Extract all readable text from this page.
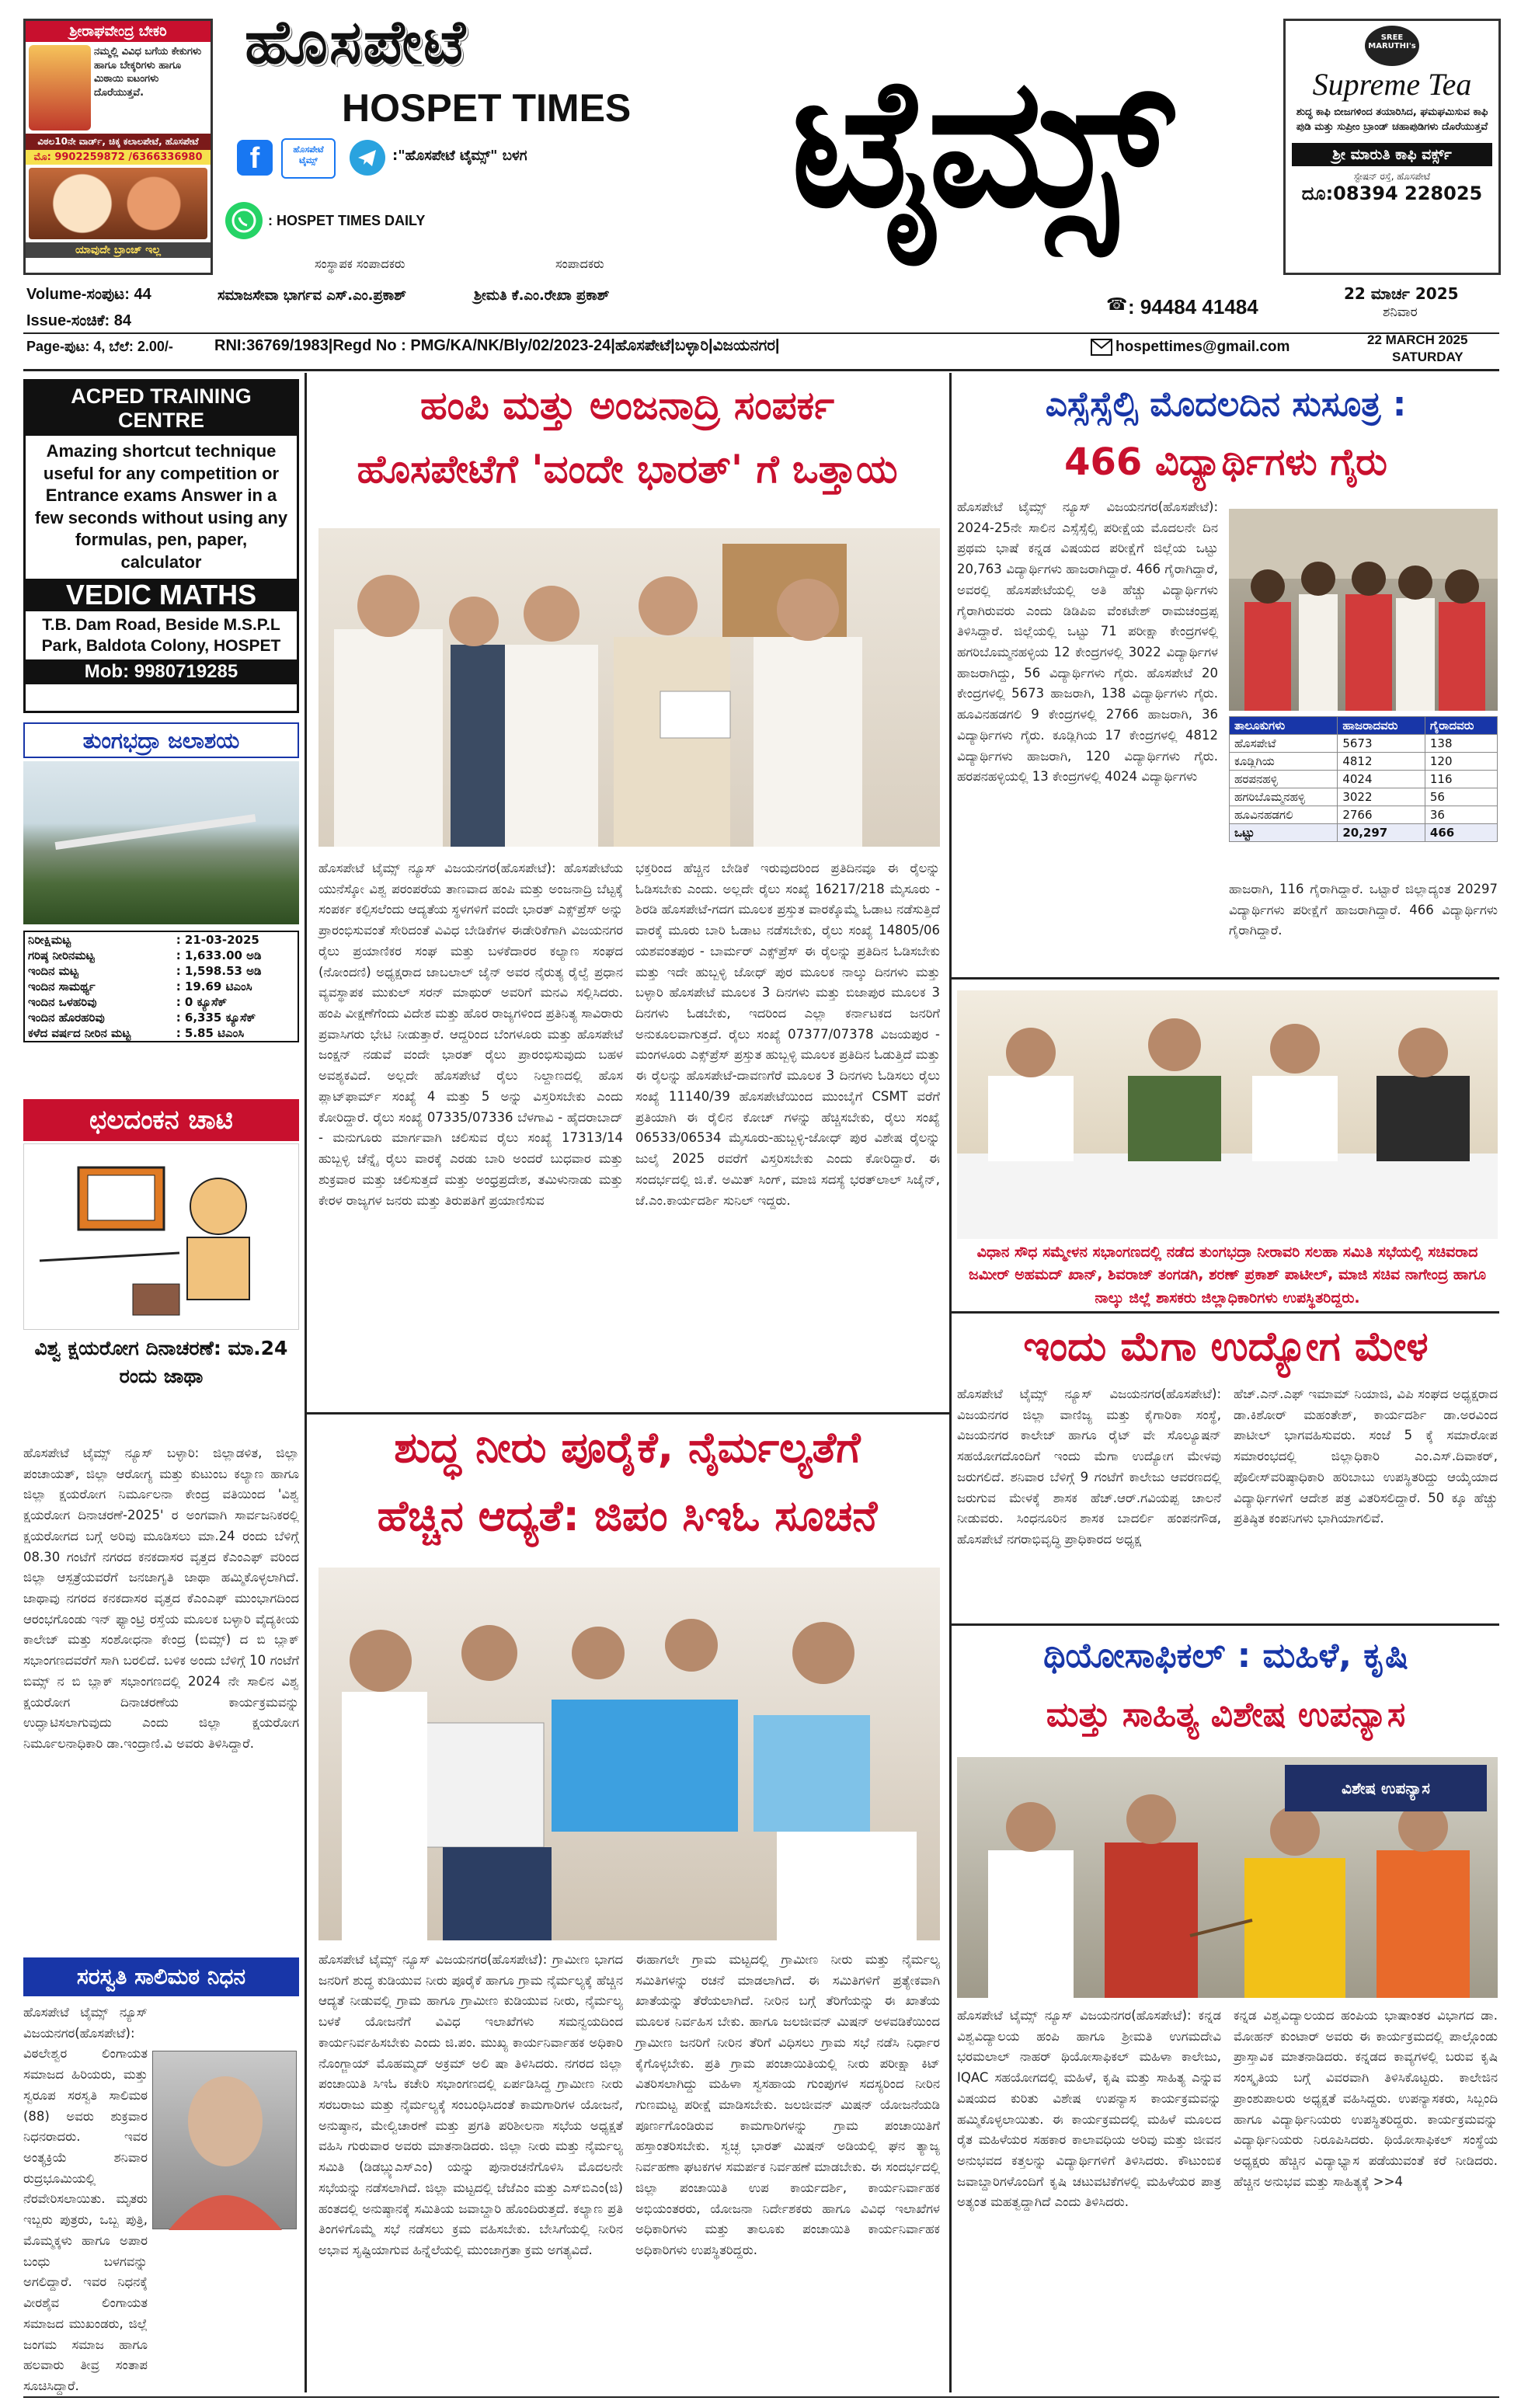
ಶ್ರೀರಾಘವೇಂದ್ರ ಬೇಕರಿ
ನಮ್ಮಲ್ಲಿ ವಿವಿಧ ಬಗೆಯ ಕೇಕುಗಳು ಹಾಗೂ ಬೇಕ್ಕರಿಗಳು ಹಾಗೂ ಮಿಠಾಯಿ ಐಟಂಗಳು ದೊರೆಯುತ್ತವೆ.
ವಿಠಲ10ನೇ ವಾರ್ಡ್, ಚಿಕ್ಕ ಕಲಾಲಪೇಟೆ, ಹೊಸಪೇಟೆ
ಮೊ: 9902259872 /6366336980
ಯಾವುದೇ ಬ್ರಾಂಚ್ ಇಲ್ಲ
ಹೊಸಪೇಟೆ
HOSPET TIMES
f	ಹೊಸಪೇಟೆ ಟೈಮ್ಸ್	:"ಹೊಸಪೇಟೆ ಟೈಮ್ಸ್" ಬಳಗ
: HOSPET TIMES DAILY
ಸಂಸ್ಥಾಪಕ ಸಂಪಾದಕರು	ಸಂಪಾದಕರು
ಟೈಮ್ಸ್
SREE MARUTHI's
Supreme Tea
ಶುದ್ಧ ಕಾಫಿ ಬೀಜಗಳಿಂದ ತಯಾರಿಸಿದ, ಘಮಘಮಿಸುವ ಕಾಫಿ ಪುಡಿ ಮತ್ತು ಸುಪ್ರೀಂ ಬ್ರಾಂಡ್ ಚಹಾಪುಡಿಗಳು ದೊರೆಯುತ್ತವೆ
ಶ್ರೀ ಮಾರುತಿ ಕಾಫಿ ವರ್ಕ್ಸ್
ಸ್ಟೇಷನ್ ರಸ್ತೆ, ಹೊಸಪೇಟೆ
ದೂ:08394 228025
Volume-ಸಂಪುಟ: 44	ಸಮಾಜಸೇವಾ ಭಾರ್ಗವ ಎಸ್.ಎಂ.ಪ್ರಕಾಶ್	ಶ್ರೀಮತಿ ಕೆ.ಎಂ.ರೇಖಾ ಪ್ರಕಾಶ್	☎ : 94484 41484
22 ಮಾರ್ಚ 2025
ಶನಿವಾರ
Issue-ಸಂಚಿಕೆ: 84
Page-ಪುಟ: 4, ಬೆಲೆ: 2.00/-	RNI:36769/1983|Regd No : PMG/KA/NK/Bly/02/2023-24|ಹೊಸಪೇಟೆ|ಬಳ್ಳಾರಿ|ವಿಜಯನಗರ|	hospettimes@gmail.com	22 MARCH 2025
SATURDAY
ACPED TRAINING CENTRE
Amazing shortcut technique useful for any competition or Entrance exams Answer in a few seconds without using any formulas, pen, paper, calculator
VEDIC MATHS
T.B. Dam Road, Beside M.S.P.L Park, Baldota Colony, HOSPET
Mob: 9980719285
ತುಂಗಭದ್ರಾ ಜಲಾಶಯ
ನಿರೀಕ್ಷಿಮಟ್ಟ	: 21-03-2025
ಗರಿಷ್ಠ ನೀರಿನಮಟ್ಟ	: 1,633.00 ಅಡಿ
ಇಂದಿನ ಮಟ್ಟ	: 1,598.53 ಅಡಿ
ಇಂದಿನ ಸಾಮರ್ಥ್ಯ	: 19.69 ಟಿಎಂಸಿ
ಇಂದಿನ ಒಳಹರಿವು	: 0 ಕ್ಯೂಸೆಕ್
ಇಂದಿನ ಹೊರಹರಿವು	: 6,335 ಕ್ಯೂಸೆಕ್
ಕಳೆದ ವರ್ಷದ ನೀರಿನ ಮಟ್ಟ	: 5.85 ಟಿಎಂಸಿ
ಛಲದಂಕನ ಚಾಟಿ
ವಿಶ್ವ ಕ್ಷಯರೋಗ ದಿನಾಚರಣೆ: ಮಾ.24 ರಂದು ಜಾಥಾ
ಹೊಸಪೇಟೆ ಟೈಮ್ಸ್ ನ್ಯೂಸ್ ಬಳ್ಳಾರಿ: ಜಿಲ್ಲಾಡಳಿತ, ಜಿಲ್ಲಾ ಪಂಚಾಯತ್, ಜಿಲ್ಲಾ ಆರೋಗ್ಯ ಮತ್ತು ಕುಟುಂಬ ಕಲ್ಯಾಣ ಹಾಗೂ ಜಿಲ್ಲಾ ಕ್ಷಯರೋಗ ನಿರ್ಮೂಲನಾ ಕೇಂದ್ರ ವತಿಯಿಂದ 'ವಿಶ್ವ ಕ್ಷಯರೋಗ ದಿನಾಚರಣೆ-2025' ರ ಅಂಗವಾಗಿ ಸಾರ್ವಜನಿಕರಲ್ಲಿ ಕ್ಷಯರೋಗದ ಬಗ್ಗೆ ಅರಿವು ಮೂಡಿಸಲು ಮಾ.24 ರಂದು ಬೆಳಿಗ್ಗೆ 08.30 ಗಂಟೆಗೆ ನಗರದ ಕನಕದಾಸರ ವೃತ್ತದ ಕೆಎಂಎಫ್ ವರಿಂದ ಜಿಲ್ಲಾ ಆಸ್ಪತ್ರೆಯವರೆಗೆ ಜನಜಾಗೃತಿ ಜಾಥಾ ಹಮ್ಮಿಕೊಳ್ಳಲಾಗಿದೆ. ಜಾಥಾವು ನಗರದ ಕನಕದಾಸರ ವೃತ್ತದ ಕೆಎಂಎಫ್ ಮುಂಭಾಗದಿಂದ ಆರಂಭಗೊಂಡು ಇನ್ ಫ್ಯಾಂಟ್ರಿ ರಸ್ತೆಯ ಮೂಲಕ ಬಳ್ಳಾರಿ ವೈದ್ಯಕೀಯ ಕಾಲೇಜ್ ಮತ್ತು ಸಂಶೋಧನಾ ಕೇಂದ್ರ (ಬಿಮ್ಸ್) ದ ಬಿ ಬ್ಲಾಕ್ ಸಭಾಂಗಣದವರೆಗೆ ಸಾಗಿ ಬರಲಿದೆ. ಬಳಿಕ ಅಂದು ಬೆಳಿಗ್ಗೆ 10 ಗಂಟೆಗೆ ಬಿಮ್ಸ್ ನ ಬಿ ಬ್ಲಾಕ್ ಸಭಾಂಗಣದಲ್ಲಿ 2024 ನೇ ಸಾಲಿನ ವಿಶ್ವ ಕ್ಷಯರೋಗ ದಿನಾಚರಣೆಯ ಕಾರ್ಯಕ್ರಮವನ್ನು ಉದ್ಘಾಟಿಸಲಾಗುವುದು ಎಂದು ಜಿಲ್ಲಾ ಕ್ಷಯರೋಗ ನಿರ್ಮೂಲನಾಧಿಕಾರಿ ಡಾ.ಇಂದ್ರಾಣಿ.ವಿ ಅವರು ತಿಳಿಸಿದ್ದಾರೆ.
ಸರಸ್ವತಿ ಸಾಲಿಮಠ ನಿಧನ
ಹೊಸಪೇಟೆ ಟೈಮ್ಸ್ ನ್ಯೂಸ್ ವಿಜಯನಗರ(ಹೊಸಪೇಟೆ): ವಿಠಲೇಶ್ವರ ಲಿಂಗಾಯತ ಸಮಾಜದ ಹಿರಿಯರು, ಮತ್ತು ಸ್ವರೂಪ ಸರಸ್ವತಿ ಸಾಲಿಮಠ (88) ಅವರು ಶುಕ್ರವಾರ ನಿಧನರಾದರು. ಇವರ ಅಂತ್ಯಕ್ರಿಯೆ ಶನಿವಾರ ರುದ್ರಭೂಮಿಯಲ್ಲಿ ನೆರವೇರಿಸಲಾಯಿತು. ಮೃತರು ಇಬ್ಬರು ಪುತ್ರರು, ಒಬ್ಬ ಪುತ್ರಿ, ಮೊಮ್ಮಕ್ಕಳು ಹಾಗೂ ಅಪಾರ ಬಂಧು ಬಳಗವನ್ನು ಅಗಲಿದ್ದಾರೆ. ಇವರ ನಿಧನಕ್ಕೆ ವೀರಶೈವ ಲಿಂಗಾಯತ ಸಮಾಜದ ಮುಖಂಡರು, ಜಿಲ್ಲೆ ಜಂಗಮ ಸಮಾಜ ಹಾಗೂ ಹಲವಾರು ತೀವ್ರ ಸಂತಾಪ ಸೂಚಿಸಿದ್ದಾರೆ.
ಹಂಪಿ ಮತ್ತು ಅಂಜನಾದ್ರಿ ಸಂಪರ್ಕ
ಹೊಸಪೇಟೆಗೆ 'ವಂದೇ ಭಾರತ್' ಗೆ ಒತ್ತಾಯ
ಹೊಸಪೇಟೆ ಟೈಮ್ಸ್ ನ್ಯೂಸ್ ವಿಜಯನಗರ(ಹೊಸಪೇಟೆ): ಹೊಸಪೇಟೆಯ ಯುನೆಸ್ಕೋ ವಿಶ್ವ ಪರಂಪರೆಯ ತಾಣವಾದ ಹಂಪಿ ಮತ್ತು ಅಂಜನಾದ್ರಿ ಬೆಟ್ಟಕ್ಕೆ ಸಂಪರ್ಕ ಕಲ್ಪಿಸಲೆಂದು ಆದ್ಯತೆಯ ಸ್ಥಳಗಳಿಗೆ ವಂದೇ ಭಾರತ್ ಎಕ್ಸ್‌ಪ್ರೆಸ್ ಅನ್ನು ಪ್ರಾರಂಭಿಸುವಂತೆ ಸೇರಿದಂತೆ ವಿವಿಧ ಬೇಡಿಕೆಗಳ ಈಡೇರಿಕೆಗಾಗಿ ವಿಜಯನಗರ ರೈಲು ಪ್ರಯಾಣಿಕರ ಸಂಘ ಮತ್ತು ಬಳಕೆದಾರರ ಕಲ್ಯಾಣ ಸಂಘದ (ನೋಂದಣಿ) ಅಧ್ಯಕ್ಷರಾದ ಜಾಬಲಾಲ್ ಜೈನ್ ಅವರ ನೈರುತ್ಯ ರೈಲ್ವೆ ಪ್ರಧಾನ ವ್ಯವಸ್ಥಾಪಕ ಮುಕುಲ್ ಸರನ್ ಮಾಥುರ್ ಅವರಿಗೆ ಮನವಿ ಸಲ್ಲಿಸಿದರು. ಹಂಪಿ ವೀಕ್ಷಣೆಗೆಂದು ವಿದೇಶ ಮತ್ತು ಹೊರ ರಾಜ್ಯಗಳಿಂದ ಪ್ರತಿನಿತ್ಯ ಸಾವಿರಾರು ಪ್ರವಾಸಿಗರು ಭೇಟಿ ನೀಡುತ್ತಾರೆ. ಆದ್ದರಿಂದ ಬೆಂಗಳೂರು ಮತ್ತು ಹೊಸಪೇಟೆ ಜಂಕ್ಷನ್ ನಡುವೆ ವಂದೇ ಭಾರತ್ ರೈಲು ಪ್ರಾರಂಭಿಸುವುದು ಬಹಳ ಅವಶ್ಯಕವಿದೆ. ಅಲ್ಲದೇ ಹೊಸಪೇಟೆ ರೈಲು ನಿಲ್ದಾಣದಲ್ಲಿ ಹೊಸ ಪ್ಲಾಟ್‌ಫಾರ್ಮ್ ಸಂಖ್ಯೆ 4 ಮತ್ತು 5 ಅನ್ನು ವಿಸ್ತರಿಸಬೇಕು ಎಂದು ಕೋರಿದ್ದಾರೆ. ರೈಲು ಸಂಖ್ಯೆ 07335/07336 ಬೆಳಗಾವಿ - ಹೈದರಾಬಾದ್ - ಮನುಗೂರು ಮಾರ್ಗವಾಗಿ ಚಲಿಸುವ ರೈಲು ಸಂಖ್ಯೆ 17313/14 ಹುಬ್ಬಳ್ಳಿ ಚೆನ್ನೈ ರೈಲು ವಾರಕ್ಕೆ ಎರಡು ಬಾರಿ ಅಂದರೆ ಬುಧವಾರ ಮತ್ತು ಶುಕ್ರವಾರ ಮತ್ತು ಚಲಿಸುತ್ತದೆ ಮತ್ತು ಅಂಧ್ರಪ್ರದೇಶ, ತಮಿಳುನಾಡು ಮತ್ತು ಕೇರಳ ರಾಜ್ಯಗಳ ಜನರು ಮತ್ತು ತಿರುಪತಿಗೆ ಪ್ರಯಾಣಿಸುವ
ಭಕ್ತರಿಂದ ಹೆಚ್ಚಿನ ಬೇಡಿಕೆ ಇರುವುದರಿಂದ ಪ್ರತಿದಿನವೂ ಈ ರೈಲನ್ನು ಓಡಿಸಬೇಕು ಎಂದು. ಅಲ್ಲದೇ ರೈಲು ಸಂಖ್ಯೆ 16217/218 ಮೈಸೂರು - ಶಿರಡಿ ಹೊಸಪೇಟೆ-ಗದಗ ಮೂಲಕ ಪ್ರಸ್ತುತ ವಾರಕ್ಕೊಮ್ಮೆ ಓಡಾಟ ನಡೆಸುತ್ತಿದೆ ವಾರಕ್ಕೆ ಮೂರು ಬಾರಿ ಓಡಾಟ ನಡೆಸಬೇಕು, ರೈಲು ಸಂಖ್ಯೆ 14805/06 ಯಶವಂತಪುರ - ಬಾರ್ಮರ್ ಎಕ್ಸ್‌ಪ್ರೆಸ್ ಈ ರೈಲನ್ನು ಪ್ರತಿದಿನ ಓಡಿಸಬೇಕು ಮತ್ತು ಇದೇ ಹುಬ್ಬಳ್ಳಿ ಜೋಧ್ ಪುರ ಮೂಲಕ ನಾಲ್ಕು ದಿನಗಳು ಮತ್ತು ಬಳ್ಳಾರಿ ಹೊಸಪೇಟೆ ಮೂಲಕ 3 ದಿನಗಳು ಮತ್ತು ಬಿಜಾಪುರ ಮೂಲಕ 3 ದಿನಗಳು ಓಡಬೇಕು, ಇದರಿಂದ ಎಲ್ಲಾ ಕರ್ನಾಟಕದ ಜನರಿಗೆ ಅನುಕೂಲವಾಗುತ್ತದೆ. ರೈಲು ಸಂಖ್ಯೆ 07377/07378 ವಿಜಯಪುರ - ಮಂಗಳೂರು ಎಕ್ಸ್‌ಪ್ರೆಸ್ ಪ್ರಸ್ತುತ ಹುಬ್ಬಳ್ಳಿ ಮೂಲಕ ಪ್ರತಿದಿನ ಓಡುತ್ತಿದೆ ಮತ್ತು ಈ ರೈಲನ್ನು ಹೊಸಪೇಟೆ-ದಾವಣಗೆರೆ ಮೂಲಕ 3 ದಿನಗಳು ಓಡಿಸಲು ರೈಲು ಸಂಖ್ಯೆ 11140/39 ಹೊಸಪೇಟೆಯಿಂದ ಮುಂಬೈಗೆ CSMT ವರೆಗೆ ಪ್ರತಿಯಾಗಿ ಈ ರೈಲಿನ ಕೋಚ್ ಗಳನ್ನು ಹೆಚ್ಚಿಸಬೇಕು, ರೈಲು ಸಂಖ್ಯೆ 06533/06534 ಮೈಸೂರು-ಹುಬ್ಬಳ್ಳಿ-ಜೋಧ್ ಪುರ ವಿಶೇಷ ರೈಲನ್ನು ಜುಲೈ 2025 ರವರೆಗೆ ವಿಸ್ತರಿಸಬೇಕು ಎಂದು ಕೋರಿದ್ದಾರೆ. ಈ ಸಂದರ್ಭದಲ್ಲಿ ಜಿ.ಕೆ. ಅಮಿತ್ ಸಿಂಗ್, ಮಾಜಿ ಸದಸ್ಯೆ ಭರತ್‌ಲಾಲ್ ಸಿಜೈನ್, ಜೆ.ಎಂ.ಕಾರ್ಯದರ್ಶಿ ಸುನಿಲ್ ಇದ್ದರು.
ಶುದ್ಧ ನೀರು ಪೂರೈಕೆ, ನೈರ್ಮಲ್ಯತೆಗೆ
ಹೆಚ್ಚಿನ ಆದ್ಯತೆ: ಜಿಪಂ ಸಿಇಓ ಸೂಚನೆ
ಹೊಸಪೇಟೆ ಟೈಮ್ಸ್ ನ್ಯೂಸ್ ವಿಜಯನಗರ(ಹೊಸಪೇಟೆ): ಗ್ರಾಮೀಣ ಭಾಗದ ಜನರಿಗೆ ಶುದ್ಧ ಕುಡಿಯುವ ನೀರು ಪೂರೈಕೆ ಹಾಗೂ ಗ್ರಾಮ ನೈರ್ಮಲ್ಯಕ್ಕೆ ಹೆಚ್ಚಿನ ಆದ್ಯತೆ ನೀಡುವಲ್ಲಿ ಗ್ರಾಮ ಹಾಗೂ ಗ್ರಾಮೀಣ ಕುಡಿಯುವ ನೀರು, ನೈರ್ಮಲ್ಯ ಬಳಕೆ ಯೋಜನೆಗೆ ವಿವಿಧ ಇಲಾಖೆಗಳು ಸಮನ್ವಯದಿಂದ ಕಾರ್ಯನಿರ್ವಹಿಸಬೇಕು ಎಂದು ಜಿ.ಪಂ. ಮುಖ್ಯ ಕಾರ್ಯನಿರ್ವಾಹಕ ಅಧಿಕಾರಿ ನೊಂಗ್ಜಾಯ್ ಮೊಹಮ್ಮದ್ ಅಕ್ರಮ್ ಅಲಿ ಷಾ ತಿಳಿಸಿದರು. ನಗರದ ಜಿಲ್ಲಾ ಪಂಚಾಯಿತಿ ಸಿಇಓ ಕಚೇರಿ ಸಭಾಂಗಣದಲ್ಲಿ ಏರ್ಪಡಿಸಿದ್ದ ಗ್ರಾಮೀಣ ನೀರು ಸರಬರಾಜು ಮತ್ತು ನೈರ್ಮಲ್ಯಕ್ಕೆ ಸಂಬಂಧಿಸಿದಂತೆ ಕಾಮಗಾರಿಗಳ ಯೋಜನೆ, ಅನುಷ್ಠಾನ, ಮೇಲ್ವಿಚಾರಣೆ ಮತ್ತು ಪ್ರಗತಿ ಪರಿಶೀಲನಾ ಸಭೆಯ ಅಧ್ಯಕ್ಷತೆ ವಹಿಸಿ ಗುರುವಾರ ಅವರು ಮಾತನಾಡಿದರು. ಜಿಲ್ಲಾ ನೀರು ಮತ್ತು ನೈರ್ಮಲ್ಯ ಸಮಿತಿ (ಡಿಡಬ್ಲ್ಯುಎಸ್‌ಎಂ) ಯನ್ನು ಪುನಾರಚನೆಗೊಳಿಸಿ ಮೊದಲನೇ ಸಭೆಯನ್ನು ನಡೆಸಲಾಗಿದೆ. ಜಿಲ್ಲಾ ಮಟ್ಟದಲ್ಲಿ ಜೆಜೆಎಂ ಮತ್ತು ಎಸ್‌ಬಿಎಂ(ಜಿ) ಹಂತದಲ್ಲಿ ಅನುಷ್ಠಾನಕ್ಕೆ ಸಮಿತಿಯ ಜವಾಬ್ದಾರಿ ಹೊಂದಿರುತ್ತದೆ. ಕಲ್ಯಾಣ ಪ್ರತಿ ತಿಂಗಳಿಗೊಮ್ಮೆ ಸಭೆ ನಡೆಸಲು ಕ್ರಮ ವಹಿಸಬೇಕು. ಬೇಸಿಗೆಯಲ್ಲಿ ನೀರಿನ ಅಭಾವ ಸೃಷ್ಟಿಯಾಗುವ ಹಿನ್ನೆಲೆಯಲ್ಲಿ ಮುಂಜಾಗ್ರತಾ ಕ್ರಮ ಅಗತ್ಯವಿದೆ.
ಈಹಾಗಲೇ ಗ್ರಾಮ ಮಟ್ಟದಲ್ಲಿ ಗ್ರಾಮೀಣ ನೀರು ಮತ್ತು ನೈರ್ಮಲ್ಯ ಸಮಿತಿಗಳನ್ನು ರಚನೆ ಮಾಡಲಾಗಿದೆ. ಈ ಸಮಿತಿಗಳಿಗೆ ಪ್ರತ್ಯೇಕವಾಗಿ ಖಾತೆಯನ್ನು ತೆರೆಯಲಾಗಿದೆ. ನೀರಿನ ಬಗ್ಗೆ ತೆರಿಗೆಯನ್ನು ಈ ಖಾತೆಯ ಮೂಲಕ ನಿರ್ವಹಿಸ ಬೇಕು. ಹಾಗೂ ಜಲಜೀವನ್ ಮಿಷನ್ ಅಳವಡಿಕೆಯಿಂದ ಗ್ರಾಮೀಣ ಜನರಿಗೆ ನೀರಿನ ತೆರಿಗೆ ವಿಧಿಸಲು ಗ್ರಾಮ ಸಭೆ ನಡೆಸಿ ನಿರ್ಧಾರ ಕೈಗೊಳ್ಳಬೇಕು. ಪ್ರತಿ ಗ್ರಾಮ ಪಂಚಾಯಿತಿಯಲ್ಲಿ ನೀರು ಪರೀಕ್ಷಾ ಕಿಟ್ ವಿತರಿಸಲಾಗಿದ್ದು ಮಹಿಳಾ ಸ್ವಸಹಾಯ ಗುಂಪುಗಳ ಸದಸ್ಯರಿಂದ ನೀರಿನ ಗುಣಮಟ್ಟ ಪರೀಕ್ಷೆ ಮಾಡಿಸಬೇಕು. ಜಲಜೀವನ್ ಮಿಷನ್ ಯೋಜನೆಯಡಿ ಪೂರ್ಣಗೊಂಡಿರುವ ಕಾಮಗಾರಿಗಳನ್ನು ಗ್ರಾಮ ಪಂಚಾಯಿತಿಗೆ ಹಸ್ತಾಂತರಿಸಬೇಕು. ಸ್ವಚ್ಛ ಭಾರತ್ ಮಿಷನ್ ಅಡಿಯಲ್ಲಿ ಘನ ತ್ಯಾಜ್ಯ ನಿರ್ವಹಣಾ ಘಟಕಗಳ ಸಮರ್ಪಕ ನಿರ್ವಹಣೆ ಮಾಡಬೇಕು. ಈ ಸಂದರ್ಭದಲ್ಲಿ ಜಿಲ್ಲಾ ಪಂಚಾಯಿತಿ ಉಪ ಕಾರ್ಯದರ್ಶಿ, ಕಾರ್ಯನಿರ್ವಾಹಕ ಅಭಿಯಂತರರು, ಯೋಜನಾ ನಿರ್ದೇಶಕರು ಹಾಗೂ ವಿವಿಧ ಇಲಾಖೆಗಳ ಅಧಿಕಾರಿಗಳು ಮತ್ತು ತಾಲೂಕು ಪಂಚಾಯಿತಿ ಕಾರ್ಯನಿರ್ವಾಹಕ ಅಧಿಕಾರಿಗಳು ಉಪಸ್ಥಿತರಿದ್ದರು.
ಎಸ್ಸೆಸ್ಸೆಲ್ಸಿ ಮೊದಲದಿನ ಸುಸೂತ್ರ :
466 ವಿದ್ಯಾರ್ಥಿಗಳು ಗೈರು
ಹೊಸಪೇಟೆ ಟೈಮ್ಸ್ ನ್ಯೂಸ್ ವಿಜಯನಗರ(ಹೊಸಪೇಟೆ): 2024-25ನೇ ಸಾಲಿನ ಎಸ್ಸೆಸ್ಸೆಲ್ಸಿ ಪರೀಕ್ಷೆಯ ಮೊದಲನೇ ದಿನ ಪ್ರಥಮ ಭಾಷೆ ಕನ್ನಡ ವಿಷಯದ ಪರೀಕ್ಷೆಗೆ ಜಿಲ್ಲೆಯ ಒಟ್ಟು 20,763 ವಿದ್ಯಾರ್ಥಿಗಳು ಹಾಜರಾಗಿದ್ದಾರೆ. 466 ಗೈರಾಗಿದ್ದಾರೆ, ಅವರಲ್ಲಿ ಹೊಸಪೇಟೆಯಲ್ಲಿ ಅತಿ ಹೆಚ್ಚು ವಿದ್ಯಾರ್ಥಿಗಳು ಗೈರಾಗಿರುವರು ಎಂದು ಡಿಡಿಪಿಐ ವೆಂಕಟೇಶ್ ರಾಮಚಂದ್ರಪ್ಪ ತಿಳಿಸಿದ್ದಾರೆ. ಜಿಲ್ಲೆಯಲ್ಲಿ ಒಟ್ಟು 71 ಪರೀಕ್ಷಾ ಕೇಂದ್ರಗಳಲ್ಲಿ ಹಗರಿಬೊಮ್ಮನಹಳ್ಳಿಯ 12 ಕೇಂದ್ರಗಳಲ್ಲಿ 3022 ವಿದ್ಯಾರ್ಥಿಗಳ ಹಾಜರಾಗಿದ್ದು, 56 ವಿದ್ಯಾರ್ಥಿಗಳು ಗೈರು. ಹೊಸಪೇಟೆ 20 ಕೇಂದ್ರಗಳಲ್ಲಿ 5673 ಹಾಜರಾಗಿ, 138 ವಿದ್ಯಾರ್ಥಿಗಳು ಗೈರು. ಹೂವಿನಹಡಗಲಿ 9 ಕೇಂದ್ರಗಳಲ್ಲಿ 2766 ಹಾಜರಾಗಿ, 36 ವಿದ್ಯಾರ್ಥಿಗಳು ಗೈರು. ಕೂಡ್ಲಿಗಿಯ 17 ಕೇಂದ್ರಗಳಲ್ಲಿ 4812 ವಿದ್ಯಾರ್ಥಿಗಳು ಹಾಜರಾಗಿ, 120 ವಿದ್ಯಾರ್ಥಿಗಳು ಗೈರು. ಹರಪನಹಳ್ಳಿಯಲ್ಲಿ 13 ಕೇಂದ್ರಗಳಲ್ಲಿ 4024 ವಿದ್ಯಾರ್ಥಿಗಳು
ತಾಲೂಕುಗಳು	ಹಾಜರಾದವರು	ಗೈರಾದವರು
ಹೊಸಪೇಟೆ	5673	138
ಕೂಡ್ಲಿಗಿಯ	4812	120
ಹರಪನಹಳ್ಳಿ	4024	116
ಹಗರಿಬೊಮ್ಮನಹಳ್ಳಿ	3022	56
ಹೂವಿನಹಡಗಲಿ	2766	36
ಒಟ್ಟು	20,297	466
ಹಾಜರಾಗಿ, 116 ಗೈರಾಗಿದ್ದಾರೆ. ಒಟ್ಟಾರೆ ಜಿಲ್ಲಾದ್ಯಂತ 20297 ವಿದ್ಯಾರ್ಥಿಗಳು ಪರೀಕ್ಷೆಗೆ ಹಾಜರಾಗಿದ್ದಾರೆ. 466 ವಿದ್ಯಾರ್ಥಿಗಳು ಗೈರಾಗಿದ್ದಾರೆ.
ವಿಧಾನ ಸೌಧ ಸಮ್ಮೇಳನ ಸಭಾಂಗಣದಲ್ಲಿ ನಡೆದ ತುಂಗಭದ್ರಾ ನೀರಾವರಿ ಸಲಹಾ ಸಮಿತಿ ಸಭೆಯಲ್ಲಿ ಸಚಿವರಾದ ಜಮೀರ್ ಅಹಮದ್ ಖಾನ್, ಶಿವರಾಜ್ ತಂಗಡಗಿ, ಶರಣ್ ಪ್ರಕಾಶ್ ಪಾಟೀಲ್, ಮಾಜಿ ಸಚಿವ ನಾಗೇಂದ್ರ ಹಾಗೂ ನಾಲ್ಕು ಜಿಲ್ಲೆ ಶಾಸಕರು ಜಿಲ್ಲಾಧಿಕಾರಿಗಳು ಉಪಸ್ಥಿತರಿದ್ದರು.
ಇಂದು ಮೆಗಾ ಉದ್ಯೋಗ ಮೇಳ
ಹೊಸಪೇಟೆ ಟೈಮ್ಸ್ ನ್ಯೂಸ್ ವಿಜಯನಗರ(ಹೊಸಪೇಟೆ): ವಿಜಯನಗರ ಜಿಲ್ಲಾ ವಾಣಿಜ್ಯ ಮತ್ತು ಕೈಗಾರಿಕಾ ಸಂಸ್ಥೆ, ವಿಜಯನಗರ ಕಾಲೇಜ್ ಹಾಗೂ ರೈಟ್ ವೇ ಸೊಲ್ಯೂಷನ್ ಸಹಯೋಗದೊಂದಿಗೆ ಇಂದು ಮೆಗಾ ಉದ್ಯೋಗ ಮೇಳವು ಜರುಗಲಿದೆ. ಶನಿವಾರ ಬೆಳಿಗ್ಗೆ 9 ಗಂಟೆಗೆ ಕಾಲೇಜು ಆವರಣದಲ್ಲಿ ಜರುಗುವ ಮೇಳಕ್ಕೆ ಶಾಸಕ ಹೆಚ್.ಆರ್.ಗವಿಯಪ್ಪ ಚಾಲನೆ ನೀಡುವರು. ಸಿಂಧನೂರಿನ ಶಾಸಕ ಬಾದರ್ಲಿ ಹಂಪನಗೌಡ, ಹೊಸಪೇಟೆ ನಗರಾಭಿವೃದ್ಧಿ ಪ್ರಾಧಿಕಾರದ ಅಧ್ಯಕ್ಷ
ಹೆಚ್.ಎನ್.ಎಫ್ ಇಮಾಮ್ ನಿಯಾಜಿ, ವಿಪಿ ಸಂಘದ ಅಧ್ಯಕ್ಷರಾದ ಡಾ.ಕಿಶೋರ್ ಮಹಂತೇಶ್, ಕಾರ್ಯದರ್ಶಿ ಡಾ.ಅರವಿಂದ ಪಾಟೀಲ್ ಭಾಗವಹಿಸುವರು. ಸಂಜೆ 5 ಕ್ಕೆ ಸಮಾರೋಪ ಸಮಾರಂಭದಲ್ಲಿ ಜಿಲ್ಲಾಧಿಕಾರಿ ಎಂ.ಎಸ್.ದಿವಾಕರ್, ಪೊಲೀಸ್‌ವರಿಷ್ಠಾಧಿಕಾರಿ ಹರಿಬಾಬು ಉಪಸ್ಥಿತರಿದ್ದು ಆಯ್ಕೆಯಾದ ವಿದ್ಯಾರ್ಥಿಗಳಿಗೆ ಆದೇಶ ಪತ್ರ ವಿತರಿಸಲಿದ್ದಾರೆ. 50 ಕ್ಕೂ ಹೆಚ್ಚು ಪ್ರತಿಷ್ಠಿತ ಕಂಪನಿಗಳು ಭಾಗಿಯಾಗಲಿವೆ.
ಥಿಯೋಸಾಫಿಕಲ್ : ಮಹಿಳೆ, ಕೃಷಿ
ಮತ್ತು ಸಾಹಿತ್ಯ ವಿಶೇಷ ಉಪನ್ಯಾಸ
ವಿಶೇಷ ಉಪನ್ಯಾಸ
ಹೊಸಪೇಟೆ ಟೈಮ್ಸ್ ನ್ಯೂಸ್ ವಿಜಯನಗರ(ಹೊಸಪೇಟೆ): ಕನ್ನಡ ವಿಶ್ವವಿದ್ಯಾಲಯ ಹಂಪಿ ಹಾಗೂ ಶ್ರೀಮತಿ ಉಗಮದೇವಿ ಭರಮಲಾಲ್ ನಾಹರ್ ಥಿಯೋಸಾಫಿಕಲ್ ಮಹಿಳಾ ಕಾಲೇಜು, IQAC ಸಹಯೋಗದಲ್ಲಿ ಮಹಿಳೆ, ಕೃಷಿ ಮತ್ತು ಸಾಹಿತ್ಯ ಎನ್ನುವ ವಿಷಯದ ಕುರಿತು ವಿಶೇಷ ಉಪನ್ಯಾಸ ಕಾರ್ಯಕ್ರಮವನ್ನು ಹಮ್ಮಿಕೊಳ್ಳಲಾಯಿತು. ಈ ಕಾರ್ಯಕ್ರಮದಲ್ಲಿ ಮಹಿಳೆ ಮೂಲದ ರೈತ ಮಹಿಳೆಯರ ಸಹಕಾರ ಕಾಲಾವಧಿಯ ಅರಿವು ಮತ್ತು ಜೀವನ ಅನುಭವದ ಕತ್ತಲನ್ನು ವಿದ್ಯಾರ್ಥಿಗಳಿಗೆ ತಿಳಿಸಿದರು. ಕೌಟುಂಬಿಕ ಜವಾಬ್ದಾರಿಗಳೊಂದಿಗೆ ಕೃಷಿ ಚಟುವಟಿಕೆಗಳಲ್ಲಿ ಮಹಿಳೆಯರ ಪಾತ್ರ ಅತ್ಯಂತ ಮಹತ್ವದ್ದಾಗಿದೆ ಎಂದು ತಿಳಿಸಿದರು.
ಕನ್ನಡ ವಿಶ್ವವಿದ್ಯಾಲಯದ ಹಂಪಿಯ ಭಾಷಾಂತರ ವಿಭಾಗದ ಡಾ. ಮೋಹನ್ ಕುಂಟಾರ್ ಅವರು ಈ ಕಾರ್ಯಕ್ರಮದಲ್ಲಿ ಪಾಲ್ಗೊಂಡು ಪ್ರಾಸ್ತಾವಿಕ ಮಾತನಾಡಿದರು. ಕನ್ನಡದ ಕಾವ್ಯಗಳಲ್ಲಿ ಬರುವ ಕೃಷಿ ಸಂಸ್ಕೃತಿಯ ಬಗ್ಗೆ ವಿವರವಾಗಿ ತಿಳಿಸಿಕೊಟ್ಟರು. ಕಾಲೇಜಿನ ಪ್ರಾಂಶುಪಾಲರು ಅಧ್ಯಕ್ಷತೆ ವಹಿಸಿದ್ದರು. ಉಪನ್ಯಾಸಕರು, ಸಿಬ್ಬಂದಿ ಹಾಗೂ ವಿದ್ಯಾರ್ಥಿನಿಯರು ಉಪಸ್ಥಿತರಿದ್ದರು. ಕಾರ್ಯಕ್ರಮವನ್ನು ವಿದ್ಯಾರ್ಥಿನಿಯರು ನಿರೂಪಿಸಿದರು. ಥಿಯೋಸಾಫಿಕಲ್ ಸಂಸ್ಥೆಯ ಅಧ್ಯಕ್ಷರು ಹೆಚ್ಚಿನ ವಿದ್ಯಾಭ್ಯಾಸ ಪಡೆಯುವಂತೆ ಕರೆ ನೀಡಿದರು. ಹೆಚ್ಚಿನ ಅನುಭವ ಮತ್ತು ಸಾಹಿತ್ಯಕ್ಕೆ >>4
